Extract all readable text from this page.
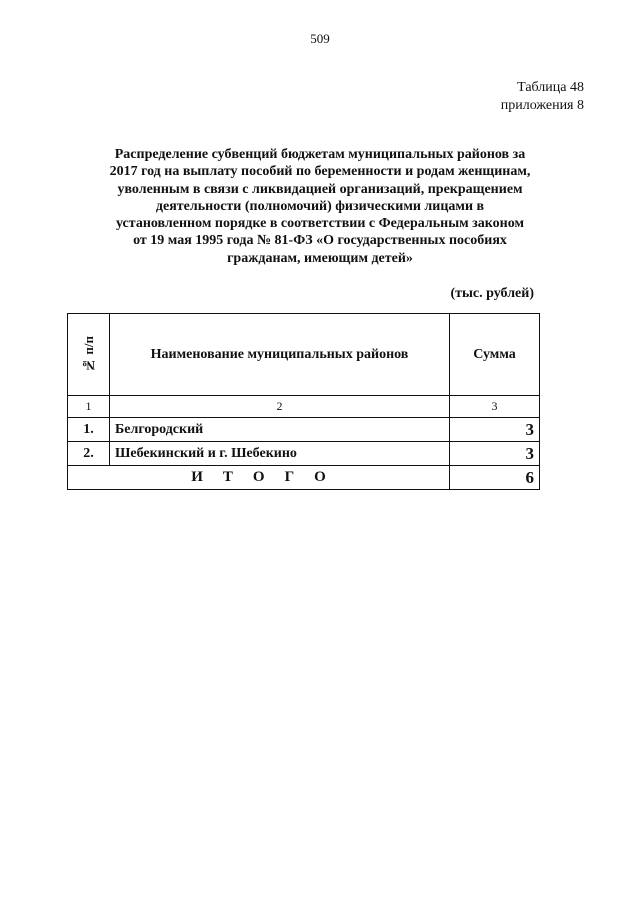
509
Таблица 48
приложения 8
Распределение субвенций бюджетам муниципальных районов за
2017 год на выплату пособий по беременности и родам женщинам,
уволенным в связи с ликвидацией организаций, прекращением
деятельности (полномочий) физическими лицами в
установленном порядке в соответствии с Федеральным законом
от 19 мая 1995 года № 81-ФЗ «О государственных пособиях
гражданам, имеющим детей»
(тыс. рублей)
№ п/п	Наименование муниципальных районов	Сумма
1	2	3
1.	Белгородский	3
2.	Шебекинский и г. Шебекино	3
И Т О Г О		6
